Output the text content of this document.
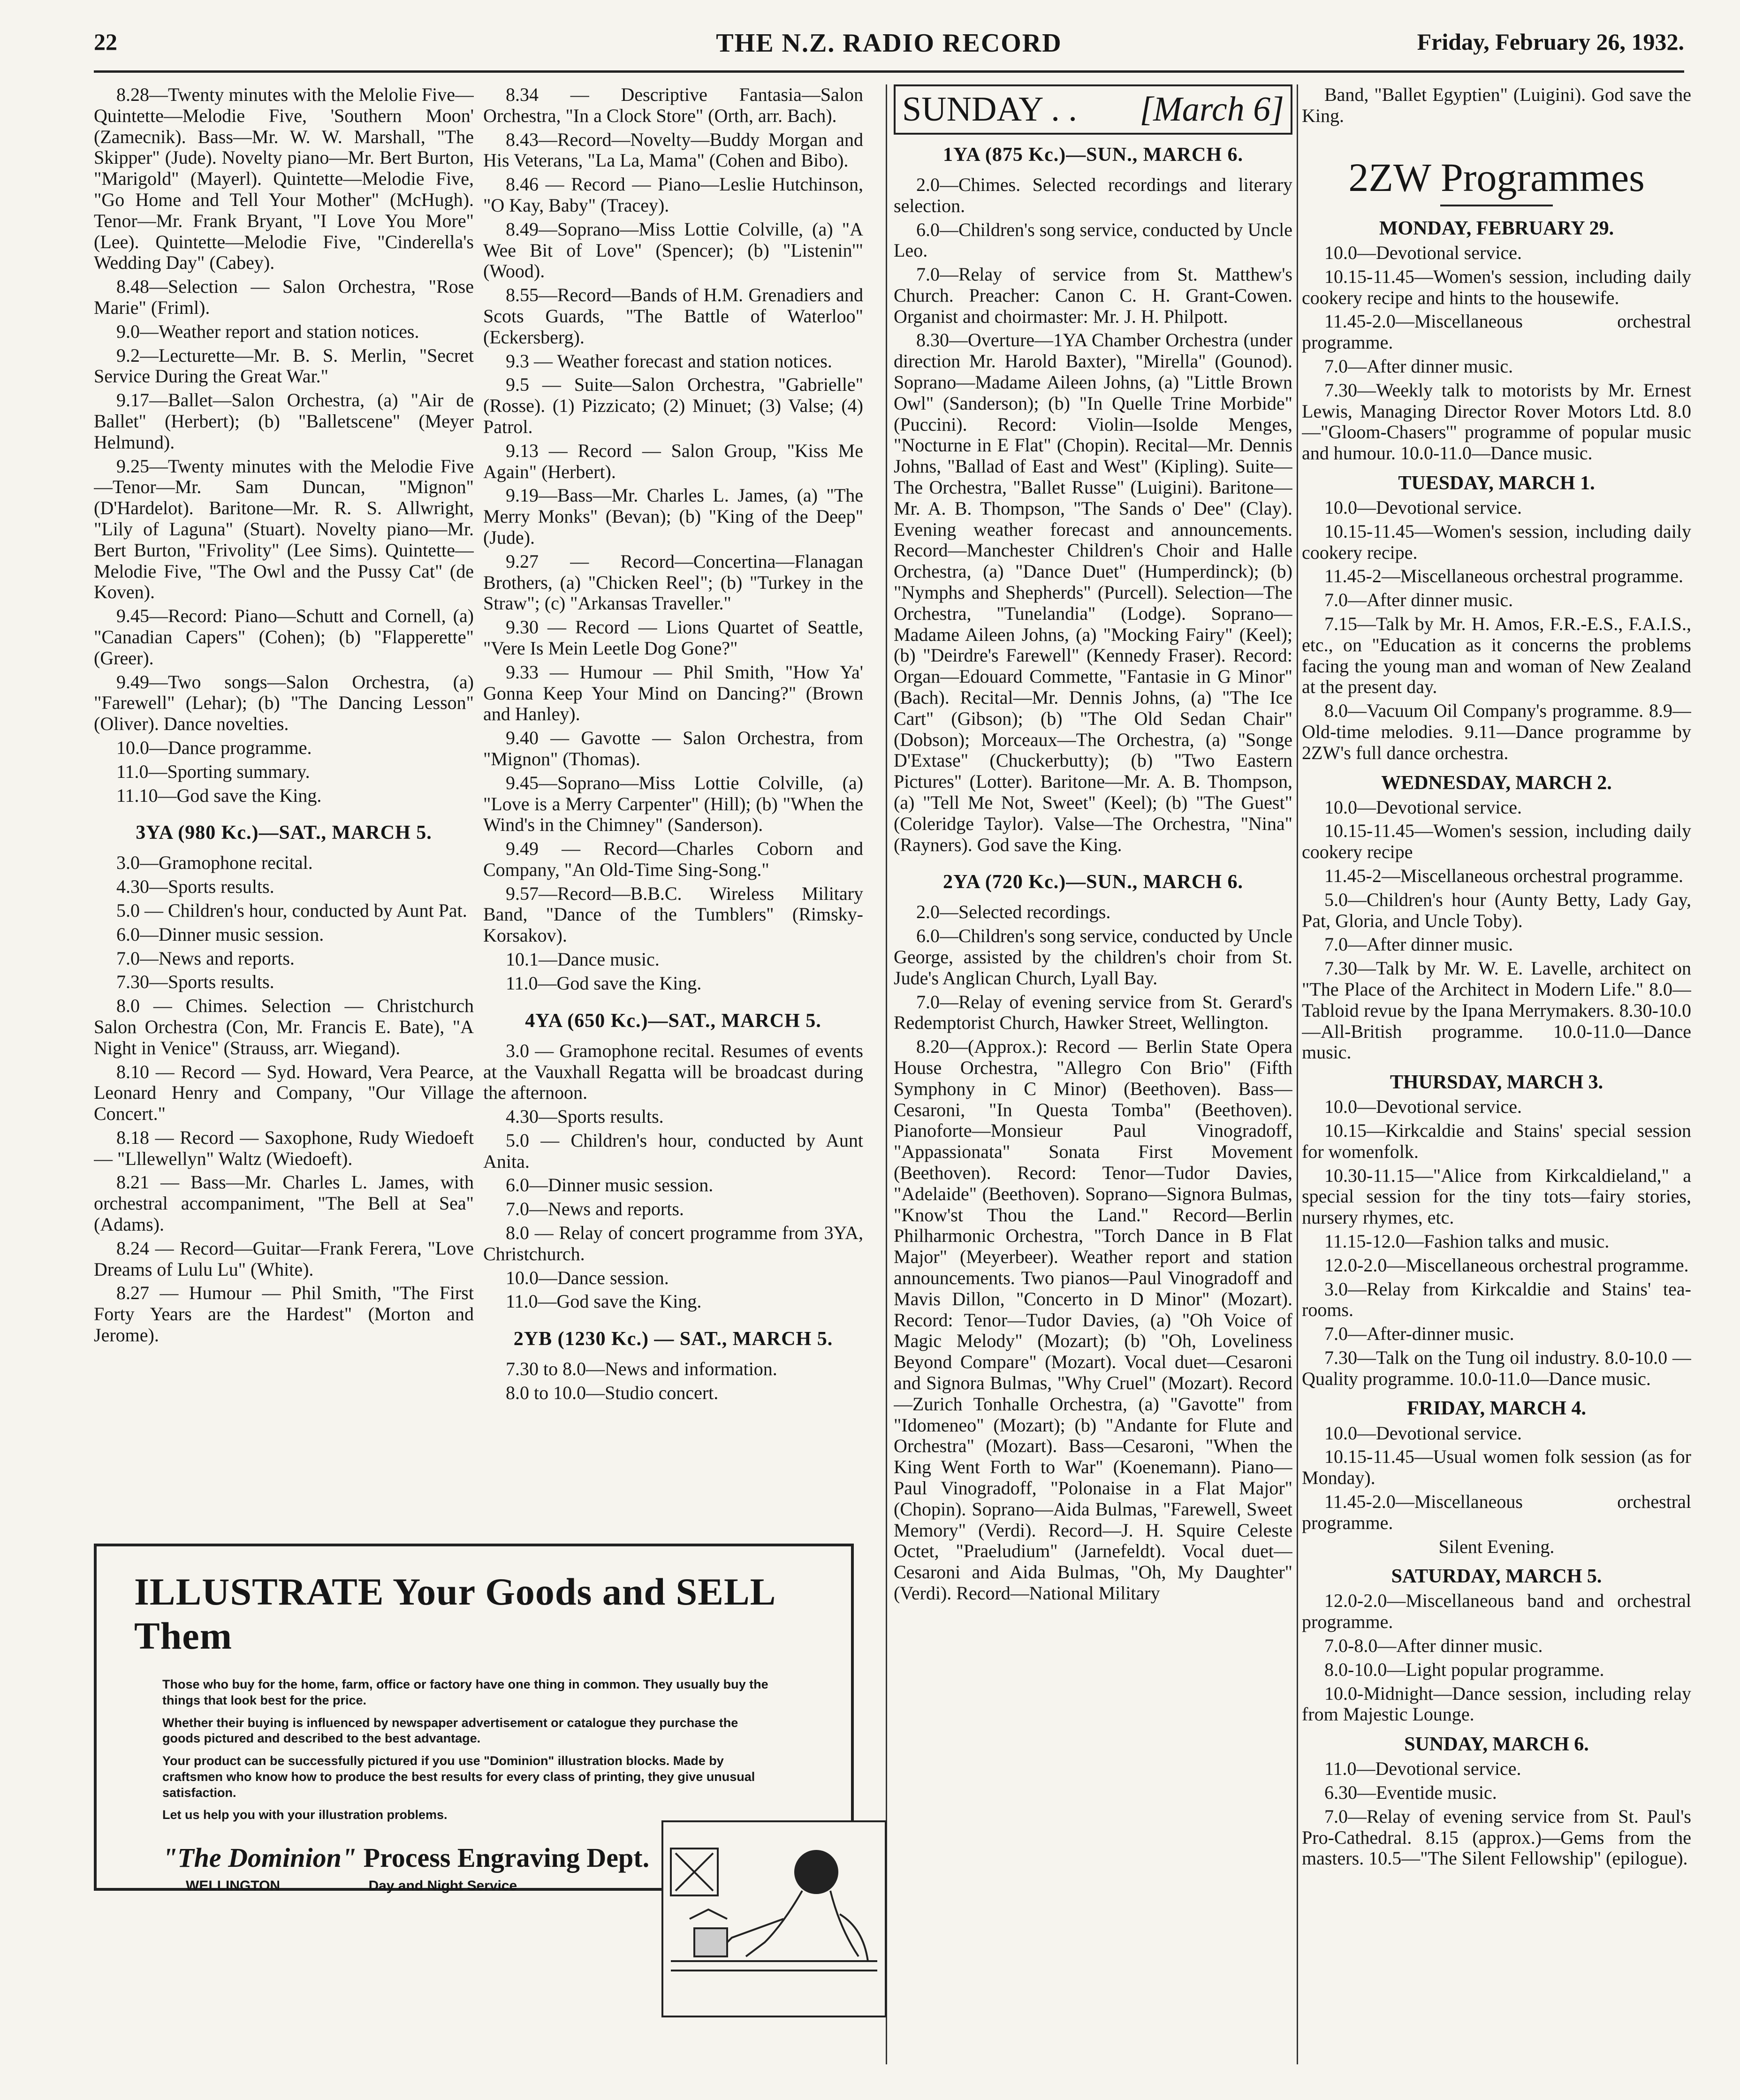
22	THE N.Z. RADIO RECORD	Friday, February 26, 1932.

8.28—Twenty minutes with the Melolie Five—Quintette—Melodie Five, 'Southern Moon' (Zamecnik). Bass—Mr. W. W. Marshall, "The Skipper" (Jude). Novelty piano—Mr. Bert Burton, "Marigold" (Mayerl). Quintette—Melodie Five, "Go Home and Tell Your Mother" (McHugh). Tenor—Mr. Frank Bryant, "I Love You More" (Lee). Quintette—Melodie Five, "Cinderella's Wedding Day" (Cabey).

8.48—Selection — Salon Orchestra, "Rose Marie" (Friml).

9.0—Weather report and station notices.

9.2—Lecturette—Mr. B. S. Merlin, "Secret Service During the Great War."

9.17—Ballet—Salon Orchestra, (a) "Air de Ballet" (Herbert); (b) "Balletscene" (Meyer Helmund).

9.25—Twenty minutes with the Melodie Five—Tenor—Mr. Sam Duncan, "Mignon" (D'Hardelot). Baritone—Mr. R. S. Allwright, "Lily of Laguna" (Stuart). Novelty piano—Mr. Bert Burton, "Frivolity" (Lee Sims). Quintette—Melodie Five, "The Owl and the Pussy Cat" (de Koven).

9.45—Record: Piano—Schutt and Cornell, (a) "Canadian Capers" (Cohen); (b) "Flapperette" (Greer).

9.49—Two songs—Salon Orchestra, (a) "Farewell" (Lehar); (b) "The Dancing Lesson" (Oliver). Dance novelties.

10.0—Dance programme.

11.0—Sporting summary.

11.10—God save the King.

3YA (980 Kc.)—SAT., MARCH 5.

3.0—Gramophone recital.

4.30—Sports results.

5.0 — Children's hour, conducted by Aunt Pat.

6.0—Dinner music session.

7.0—News and reports.

7.30—Sports results.

8.0 — Chimes. Selection — Christchurch Salon Orchestra (Con, Mr. Francis E. Bate), "A Night in Venice" (Strauss, arr. Wiegand).

8.10 — Record — Syd. Howard, Vera Pearce, Leonard Henry and Company, "Our Village Concert."

8.18 — Record — Saxophone, Rudy Wiedoeft — "Lllewellyn" Waltz (Wiedoeft).

8.21 — Bass—Mr. Charles L. James, with orchestral accompaniment, "The Bell at Sea" (Adams).

8.24 — Record—Guitar—Frank Ferera, "Love Dreams of Lulu Lu" (White).

8.27 — Humour — Phil Smith, "The First Forty Years are the Hardest" (Morton and Jerome).

8.34 — Descriptive Fantasia—Salon Orchestra, "In a Clock Store" (Orth, arr. Bach).

8.43—Record—Novelty—Buddy Morgan and His Veterans, "La La, Mama" (Cohen and Bibo).

8.46 — Record — Piano—Leslie Hutchinson, "O Kay, Baby" (Tracey).

8.49—Soprano—Miss Lottie Colville, (a) "A Wee Bit of Love" (Spencer); (b) "Listenin'" (Wood).

8.55—Record—Bands of H.M. Grenadiers and Scots Guards, "The Battle of Waterloo" (Eckersberg).

9.3 — Weather forecast and station notices.

9.5 — Suite—Salon Orchestra, "Gabrielle" (Rosse). (1) Pizzicato; (2) Minuet; (3) Valse; (4) Patrol.

9.13 — Record — Salon Group, "Kiss Me Again" (Herbert).

9.19—Bass—Mr. Charles L. James, (a) "The Merry Monks" (Bevan); (b) "King of the Deep" (Jude).

9.27 — Record—Concertina—Flanagan Brothers, (a) "Chicken Reel"; (b) "Turkey in the Straw"; (c) "Arkansas Traveller."

9.30 — Record — Lions Quartet of Seattle, "Vere Is Mein Leetle Dog Gone?"

9.33 — Humour — Phil Smith, "How Ya' Gonna Keep Your Mind on Dancing?" (Brown and Hanley).

9.40 — Gavotte — Salon Orchestra, from "Mignon" (Thomas).

9.45—Soprano—Miss Lottie Colville, (a) "Love is a Merry Carpenter" (Hill); (b) "When the Wind's in the Chimney" (Sanderson).

9.49 — Record—Charles Coborn and Company, "An Old-Time Sing-Song."

9.57—Record—B.B.C. Wireless Military Band, "Dance of the Tumblers" (Rimsky-Korsakov).

10.1—Dance music.

11.0—God save the King.

4YA (650 Kc.)—SAT., MARCH 5.

3.0 — Gramophone recital. Resumes of events at the Vauxhall Regatta will be broadcast during the afternoon.

4.30—Sports results.

5.0 — Children's hour, conducted by Aunt Anita.

6.0—Dinner music session.

7.0—News and reports.

8.0 — Relay of concert programme from 3YA, Christchurch.

10.0—Dance session.

11.0—God save the King.

2YB (1230 Kc.) — SAT., MARCH 5.

7.30 to 8.0—News and information.

8.0 to 10.0—Studio concert.

SUNDAY . . [March 6]
1YA (875 Kc.)—SUN., MARCH 6.

2.0—Chimes. Selected recordings and literary selection.

6.0—Children's song service, conducted by Uncle Leo.

7.0—Relay of service from St. Matthew's Church. Preacher: Canon C. H. Grant-Cowen. Organist and choirmaster: Mr. J. H. Philpott.

8.30—Overture—1YA Chamber Orchestra (under direction Mr. Harold Baxter), "Mirella" (Gounod). Soprano—Madame Aileen Johns, (a) "Little Brown Owl" (Sanderson); (b) "In Quelle Trine Morbide" (Puccini). Record: Violin—Isolde Menges, "Nocturne in E Flat" (Chopin). Recital—Mr. Dennis Johns, "Ballad of East and West" (Kipling). Suite—The Orchestra, "Ballet Russe" (Luigini). Baritone—Mr. A. B. Thompson, "The Sands o' Dee" (Clay). Evening weather forecast and announcements. Record—Manchester Children's Choir and Halle Orchestra, (a) "Dance Duet" (Humperdinck); (b) "Nymphs and Shepherds" (Purcell). Selection—The Orchestra, "Tunelandia" (Lodge). Soprano—Madame Aileen Johns, (a) "Mocking Fairy" (Keel); (b) "Deirdre's Farewell" (Kennedy Fraser). Record: Organ—Edouard Commette, "Fantasie in G Minor" (Bach). Recital—Mr. Dennis Johns, (a) "The Ice Cart" (Gibson); (b) "The Old Sedan Chair" (Dobson); Morceaux—The Orchestra, (a) "Songe D'Extase" (Chuckerbutty); (b) "Two Eastern Pictures" (Lotter). Baritone—Mr. A. B. Thompson, (a) "Tell Me Not, Sweet" (Keel); (b) "The Guest" (Coleridge Taylor). Valse—The Orchestra, "Nina" (Rayners). God save the King.

2YA (720 Kc.)—SUN., MARCH 6.

2.0—Selected recordings.

6.0—Children's song service, conducted by Uncle George, assisted by the children's choir from St. Jude's Anglican Church, Lyall Bay.

7.0—Relay of evening service from St. Gerard's Redemptorist Church, Hawker Street, Wellington.

8.20—(Approx.): Record — Berlin State Opera House Orchestra, "Allegro Con Brio" (Fifth Symphony in C Minor) (Beethoven). Bass— Cesaroni, "In Questa Tomba" (Beethoven). Pianoforte—Monsieur Paul Vinogradoff, "Appassionata" Sonata First Movement (Beethoven). Record: Tenor—Tudor Davies, "Adelaide" (Beethoven). Soprano—Signora Bulmas, "Know'st Thou the Land." Record—Berlin Philharmonic Orchestra, "Torch Dance in B Flat Major" (Meyerbeer). Weather report and station announcements. Two pianos—Paul Vinogradoff and Mavis Dillon, "Concerto in D Minor" (Mozart). Record: Tenor—Tudor Davies, (a) "Oh Voice of Magic Melody" (Mozart); (b) "Oh, Loveliness Beyond Compare" (Mozart). Vocal duet—Cesaroni and Signora Bulmas, "Why Cruel" (Mozart). Record—Zurich Tonhalle Orchestra, (a) "Gavotte" from "Idomeneo" (Mozart); (b) "Andante for Flute and Orchestra" (Mozart). Bass—Cesaroni, "When the King Went Forth to War" (Koenemann). Piano—Paul Vinogradoff, "Polonaise in a Flat Major" (Chopin). Soprano—Aida Bulmas, "Farewell, Sweet Memory" (Verdi). Record—J. H. Squire Celeste Octet, "Praeludium" (Jarnefeldt). Vocal duet—Cesaroni and Aida Bulmas, "Oh, My Daughter" (Verdi). Record—National Military

Band, "Ballet Egyptien" (Luigini). God save the King.

2ZW Programmes
MONDAY, FEBRUARY 29.

10.0—Devotional service.

10.15-11.45—Women's session, including daily cookery recipe and hints to the housewife.

11.45-2.0—Miscellaneous orchestral programme.

7.0—After dinner music.

7.30—Weekly talk to motorists by Mr. Ernest Lewis, Managing Director Rover Motors Ltd. 8.0—"Gloom-Chasers'" programme of popular music and humour. 10.0-11.0—Dance music.

TUESDAY, MARCH 1.

10.0—Devotional service.

10.15-11.45—Women's session, including daily cookery recipe.

11.45-2—Miscellaneous orchestral programme.

7.0—After dinner music.

7.15—Talk by Mr. H. Amos, F.R.-E.S., F.A.I.S., etc., on "Education as it concerns the problems facing the young man and woman of New Zealand at the present day.

8.0—Vacuum Oil Company's programme. 8.9—Old-time melodies. 9.11—Dance programme by 2ZW's full dance orchestra.

WEDNESDAY, MARCH 2.

10.0—Devotional service.

10.15-11.45—Women's session, including daily cookery recipe

11.45-2—Miscellaneous orchestral programme.

5.0—Children's hour (Aunty Betty, Lady Gay, Pat, Gloria, and Uncle Toby).

7.0—After dinner music.

7.30—Talk by Mr. W. E. Lavelle, architect on "The Place of the Architect in Modern Life." 8.0—Tabloid revue by the Ipana Merrymakers. 8.30-10.0—All-British programme. 10.0-11.0—Dance music.

THURSDAY, MARCH 3.

10.0—Devotional service.

10.15—Kirkcaldie and Stains' special session for womenfolk.

10.30-11.15—"Alice from Kirkcaldieland," a special session for the tiny tots—fairy stories, nursery rhymes, etc.

11.15-12.0—Fashion talks and music.

12.0-2.0—Miscellaneous orchestral programme.

3.0—Relay from Kirkcaldie and Stains' tea-rooms.

7.0—After-dinner music.

7.30—Talk on the Tung oil industry. 8.0-10.0 — Quality programme. 10.0-11.0—Dance music.

FRIDAY, MARCH 4.

10.0—Devotional service.

10.15-11.45—Usual women folk session (as for Monday).

11.45-2.0—Miscellaneous orchestral programme.

Silent Evening.

SATURDAY, MARCH 5.

12.0-2.0—Miscellaneous band and orchestral programme.

7.0-8.0—After dinner music.

8.0-10.0—Light popular programme.

10.0-Midnight—Dance session, including relay from Majestic Lounge.

SUNDAY, MARCH 6.

11.0—Devotional service.

6.30—Eventide music.

7.0—Relay of evening service from St. Paul's Pro-Cathedral. 8.15 (approx.)—Gems from the masters. 10.5—"The Silent Fellowship" (epilogue).

ILLUSTRATE Your Goods and SELL Them
Those who buy for the home, farm, office or factory have one thing in common. They usually buy the things that look best for the price.
Whether their buying is influenced by newspaper advertisement or catalogue they purchase the goods pictured and described to the best advantage.
Your product can be successfully pictured if you use "Dominion" illustration blocks. Made by craftsmen who know how to produce the best results for every class of printing, they give unusual satisfaction.
Let us help you with your illustration problems.
"The Dominion" Process Engraving Dept.
WELLINGTON	Day and Night Service
